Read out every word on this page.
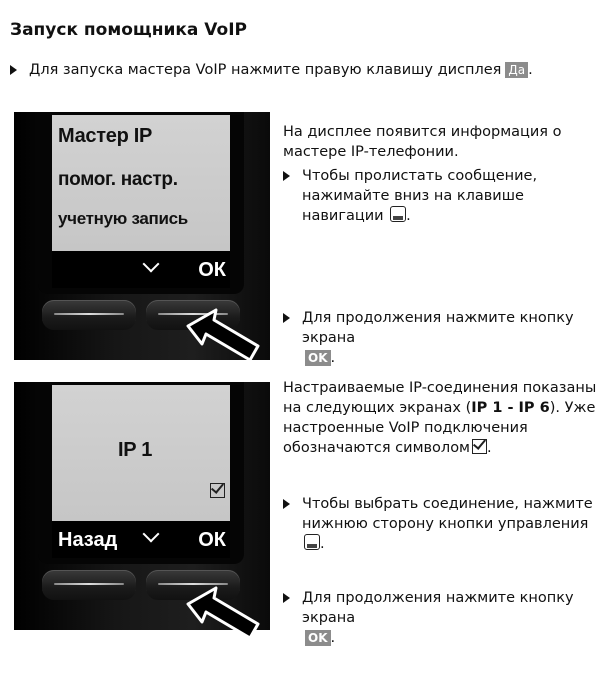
Запуск помощника VoIP
Для запуска мастера VoIP нажмите правую клавишу дисплея Да .
Мастер IP
помог. настр.
учетную запись
ОК

На дисплее появится информация о мастере IP-телефонии.

Чтобы пролистать сообщение, нажимайте вниз на клавише навигации .
Для продолжения нажмите кнопку экрана
OK .
IP 1
Назад	ОК

Настраиваемые IP-соединения показаны на следующих экранах (IP 1 - IP 6). Уже настроенные VoIP подключения обозначаются символом .

Чтобы выбрать соединение, нажмите нижнюю сторону кнопки управления .
Для продолжения нажмите кнопку экрана
OK .
